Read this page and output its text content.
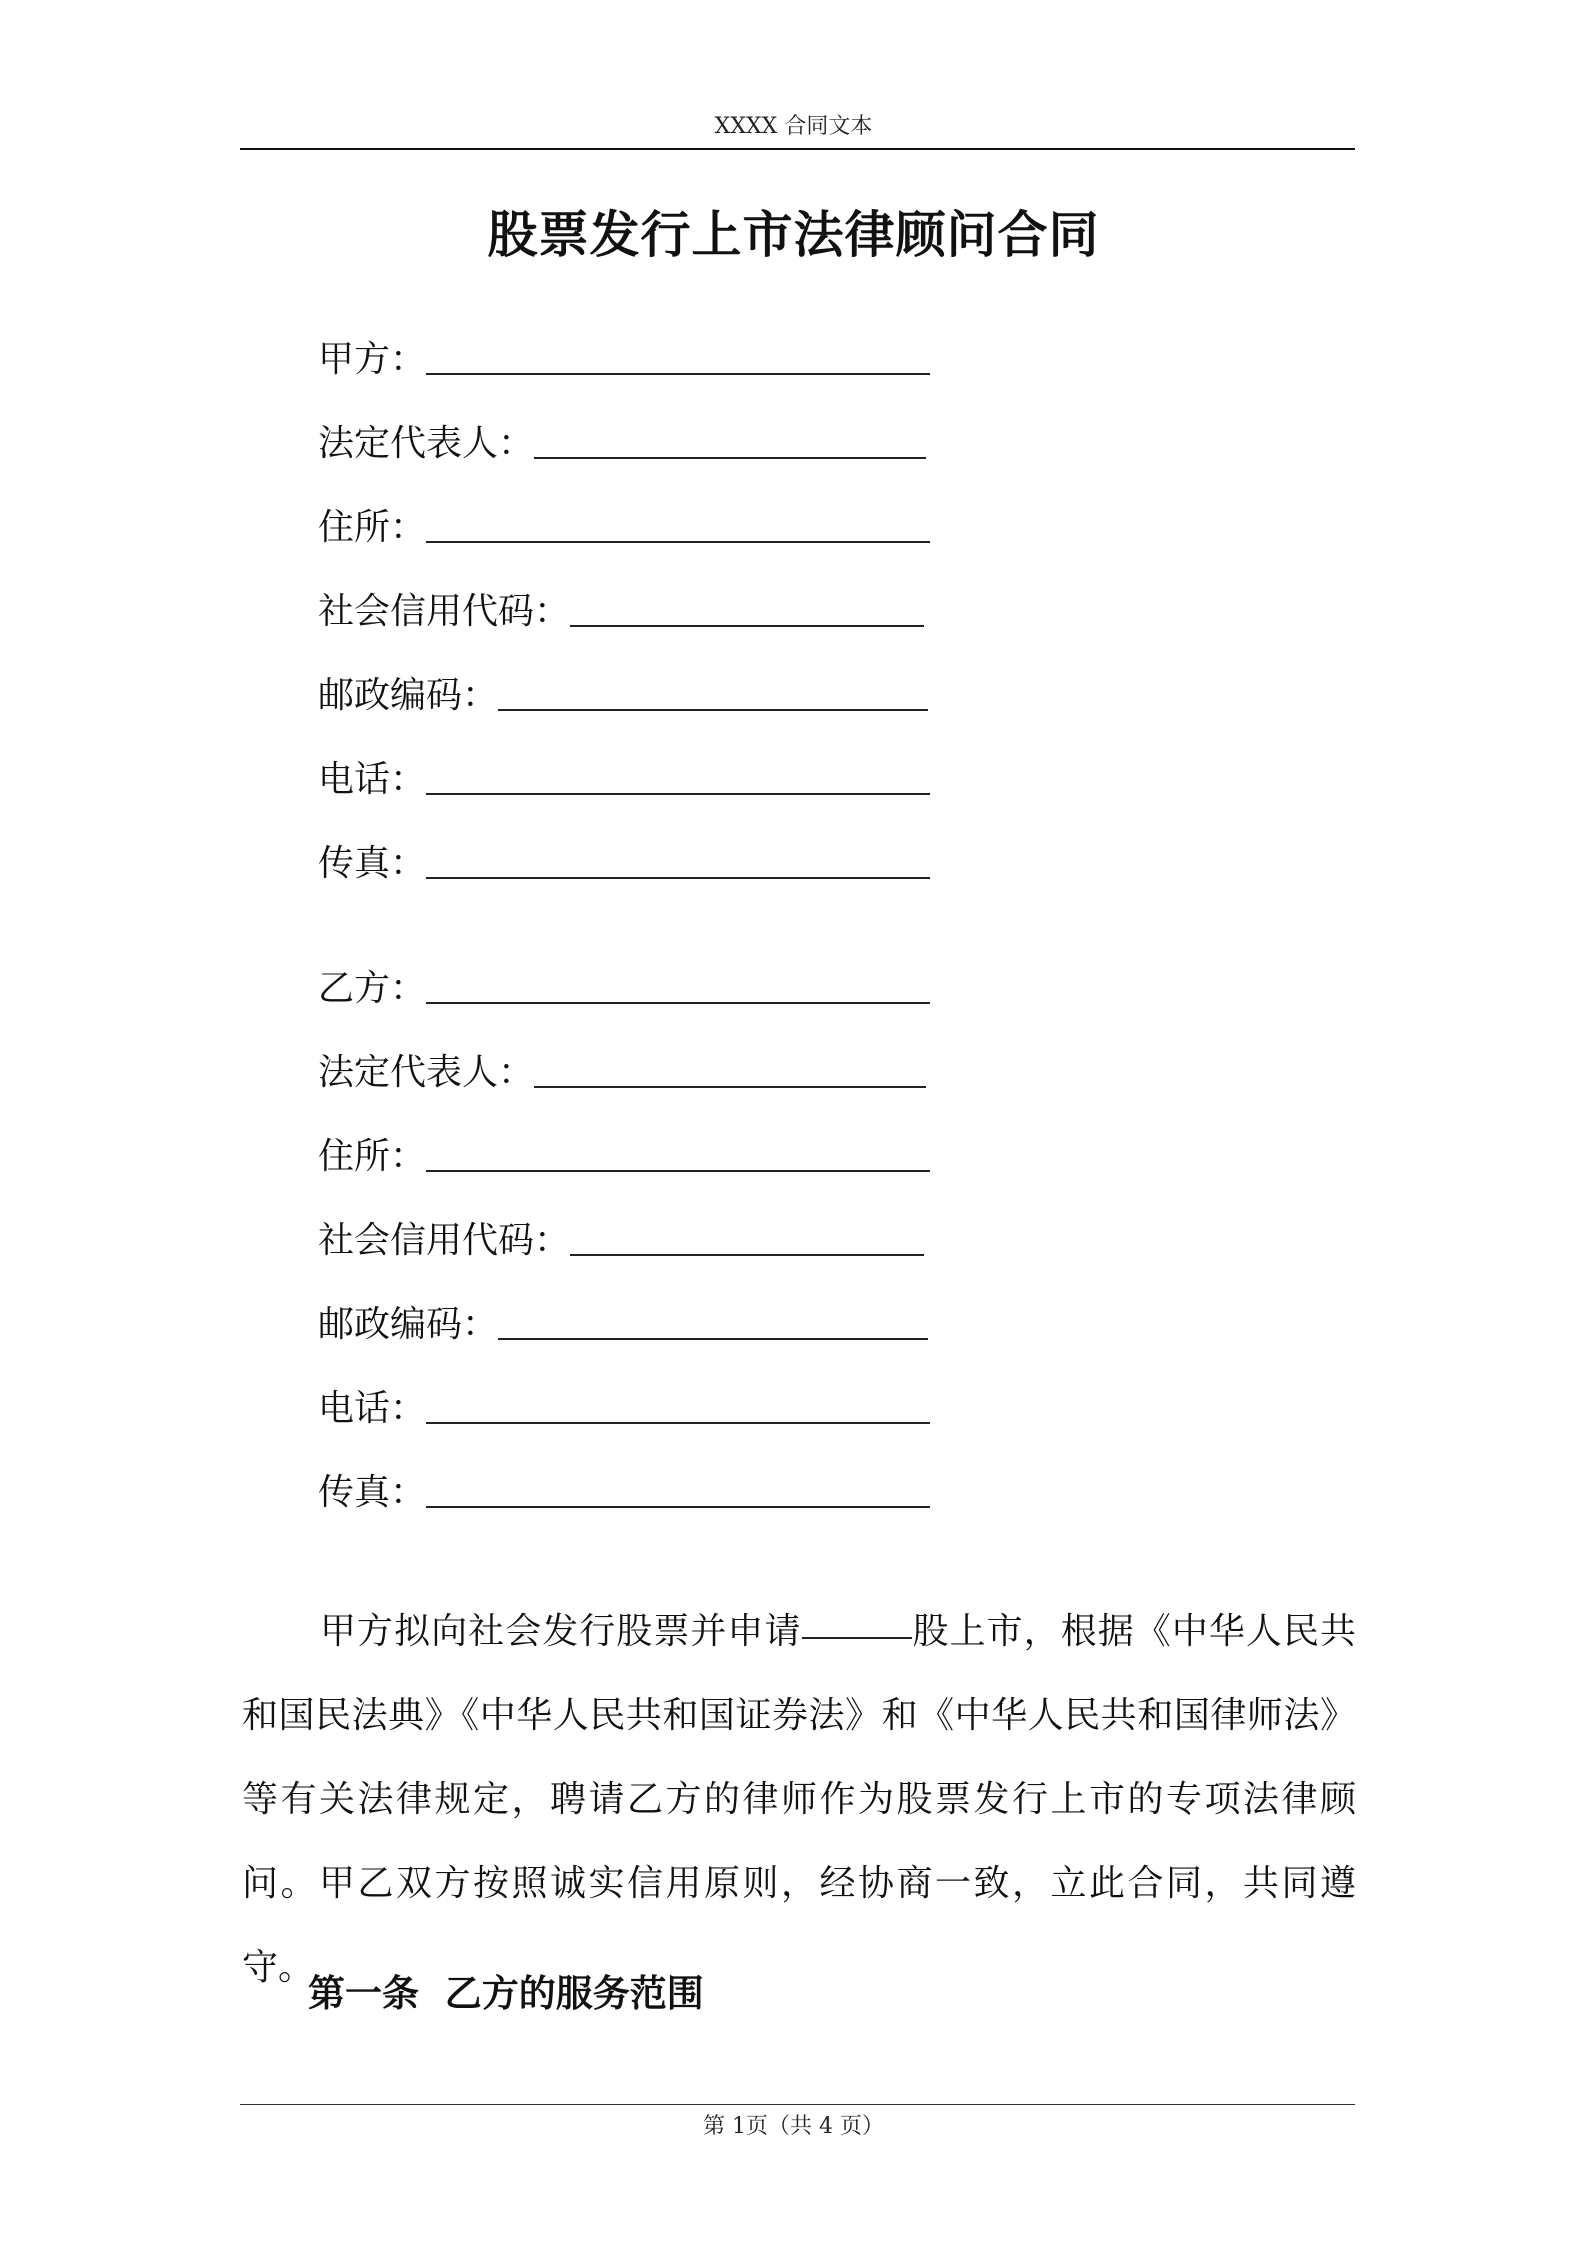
XXXX 合同文本
股票发行上市法律顾问合同
甲方：
法定代表人：
住所：
社会信用代码：
邮政编码：
电话：
传真：
乙方：
法定代表人：
住所：
社会信用代码：
邮政编码：
电话：
传真：
甲方拟向社会发行股票并申请	股上市，根据《中华人民共和国民法典》《中华人民共和国证券法》和《中华人民共和国律师法》等有关法律规定，聘请乙方的律师作为股票发行上市的专项法律顾问。甲乙双方按照诚实信用原则，经协商一致，立此合同，共同遵守。
第一条  乙方的服务范围
第 1页（共 4 页）
